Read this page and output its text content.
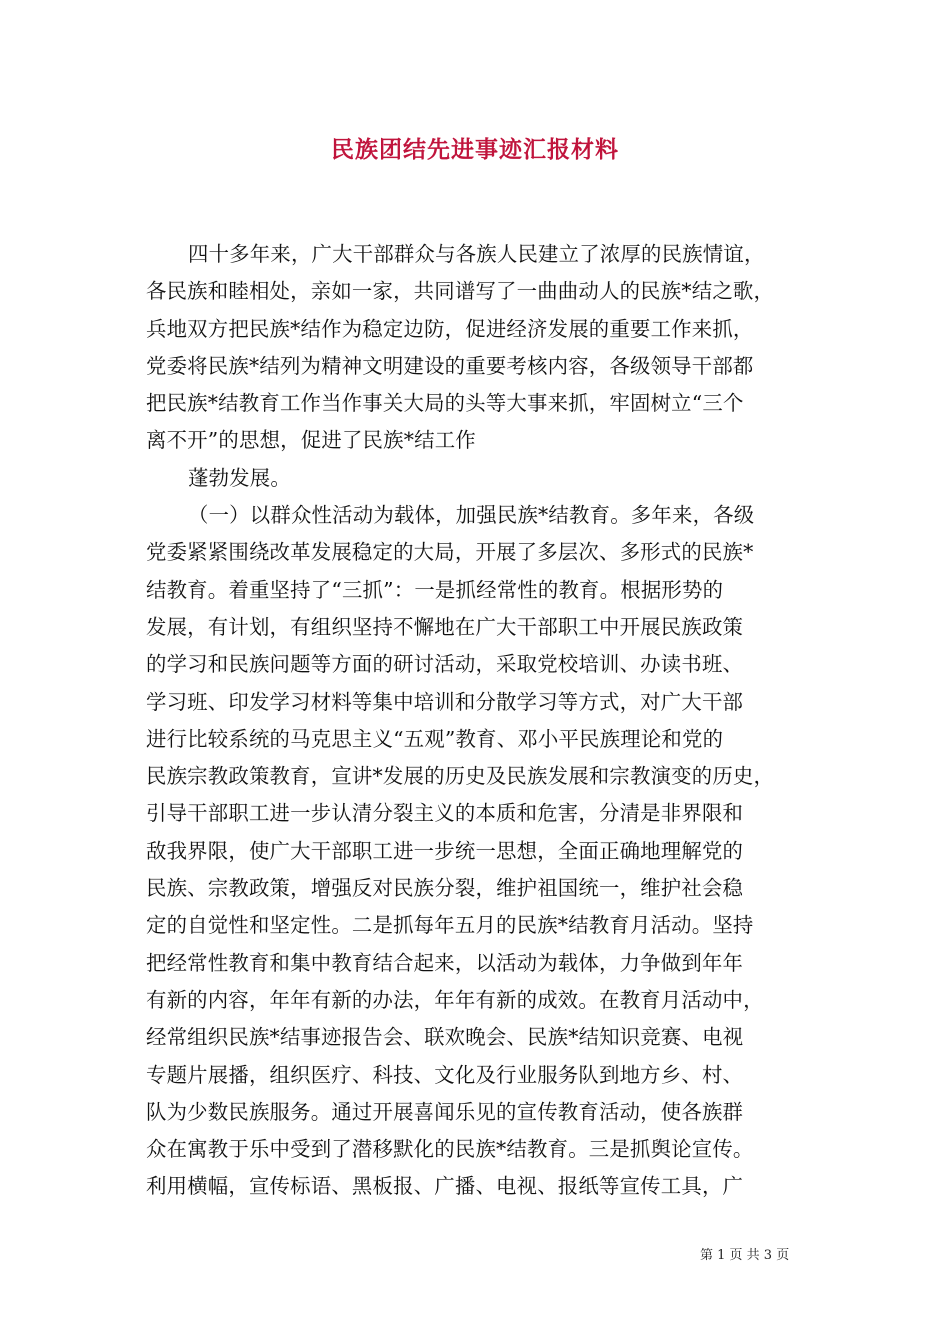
民族团结先进事迹汇报材料
四十多年来，广大干部群众与各族人民建立了浓厚的民族情谊，
各民族和睦相处，亲如一家，共同谱写了一曲曲动人的民族*结之歌，
兵地双方把民族*结作为稳定边防，促进经济发展的重要工作来抓，
党委将民族*结列为精神文明建设的重要考核内容，各级领导干部都
把民族*结教育工作当作事关大局的头等大事来抓，牢固树立“三个
离不开”的思想，促进了民族*结工作
蓬勃发展。
（一）以群众性活动为载体，加强民族*结教育。多年来，各级
党委紧紧围绕改革发展稳定的大局，开展了多层次、多形式的民族*
结教育。着重坚持了“三抓”：一是抓经常性的教育。根据形势的
发展，有计划，有组织坚持不懈地在广大干部职工中开展民族政策
的学习和民族问题等方面的研讨活动，采取党校培训、办读书班、
学习班、印发学习材料等集中培训和分散学习等方式，对广大干部
进行比较系统的马克思主义“五观”教育、邓小平民族理论和党的
民族宗教政策教育，宣讲*发展的历史及民族发展和宗教演变的历史，
引导干部职工进一步认清分裂主义的本质和危害，分清是非界限和
敌我界限，使广大干部职工进一步统一思想，全面正确地理解党的
民族、宗教政策，增强反对民族分裂，维护祖国统一，维护社会稳
定的自觉性和坚定性。二是抓每年五月的民族*结教育月活动。坚持
把经常性教育和集中教育结合起来，以活动为载体，力争做到年年
有新的内容，年年有新的办法，年年有新的成效。在教育月活动中，
经常组织民族*结事迹报告会、联欢晚会、民族*结知识竞赛、电视
专题片展播，组织医疗、科技、文化及行业服务队到地方乡、村、
队为少数民族服务。通过开展喜闻乐见的宣传教育活动，使各族群
众在寓教于乐中受到了潜移默化的民族*结教育。三是抓舆论宣传。
利用横幅，宣传标语、黑板报、广播、电视、报纸等宣传工具，广
第 1 页 共 3 页
